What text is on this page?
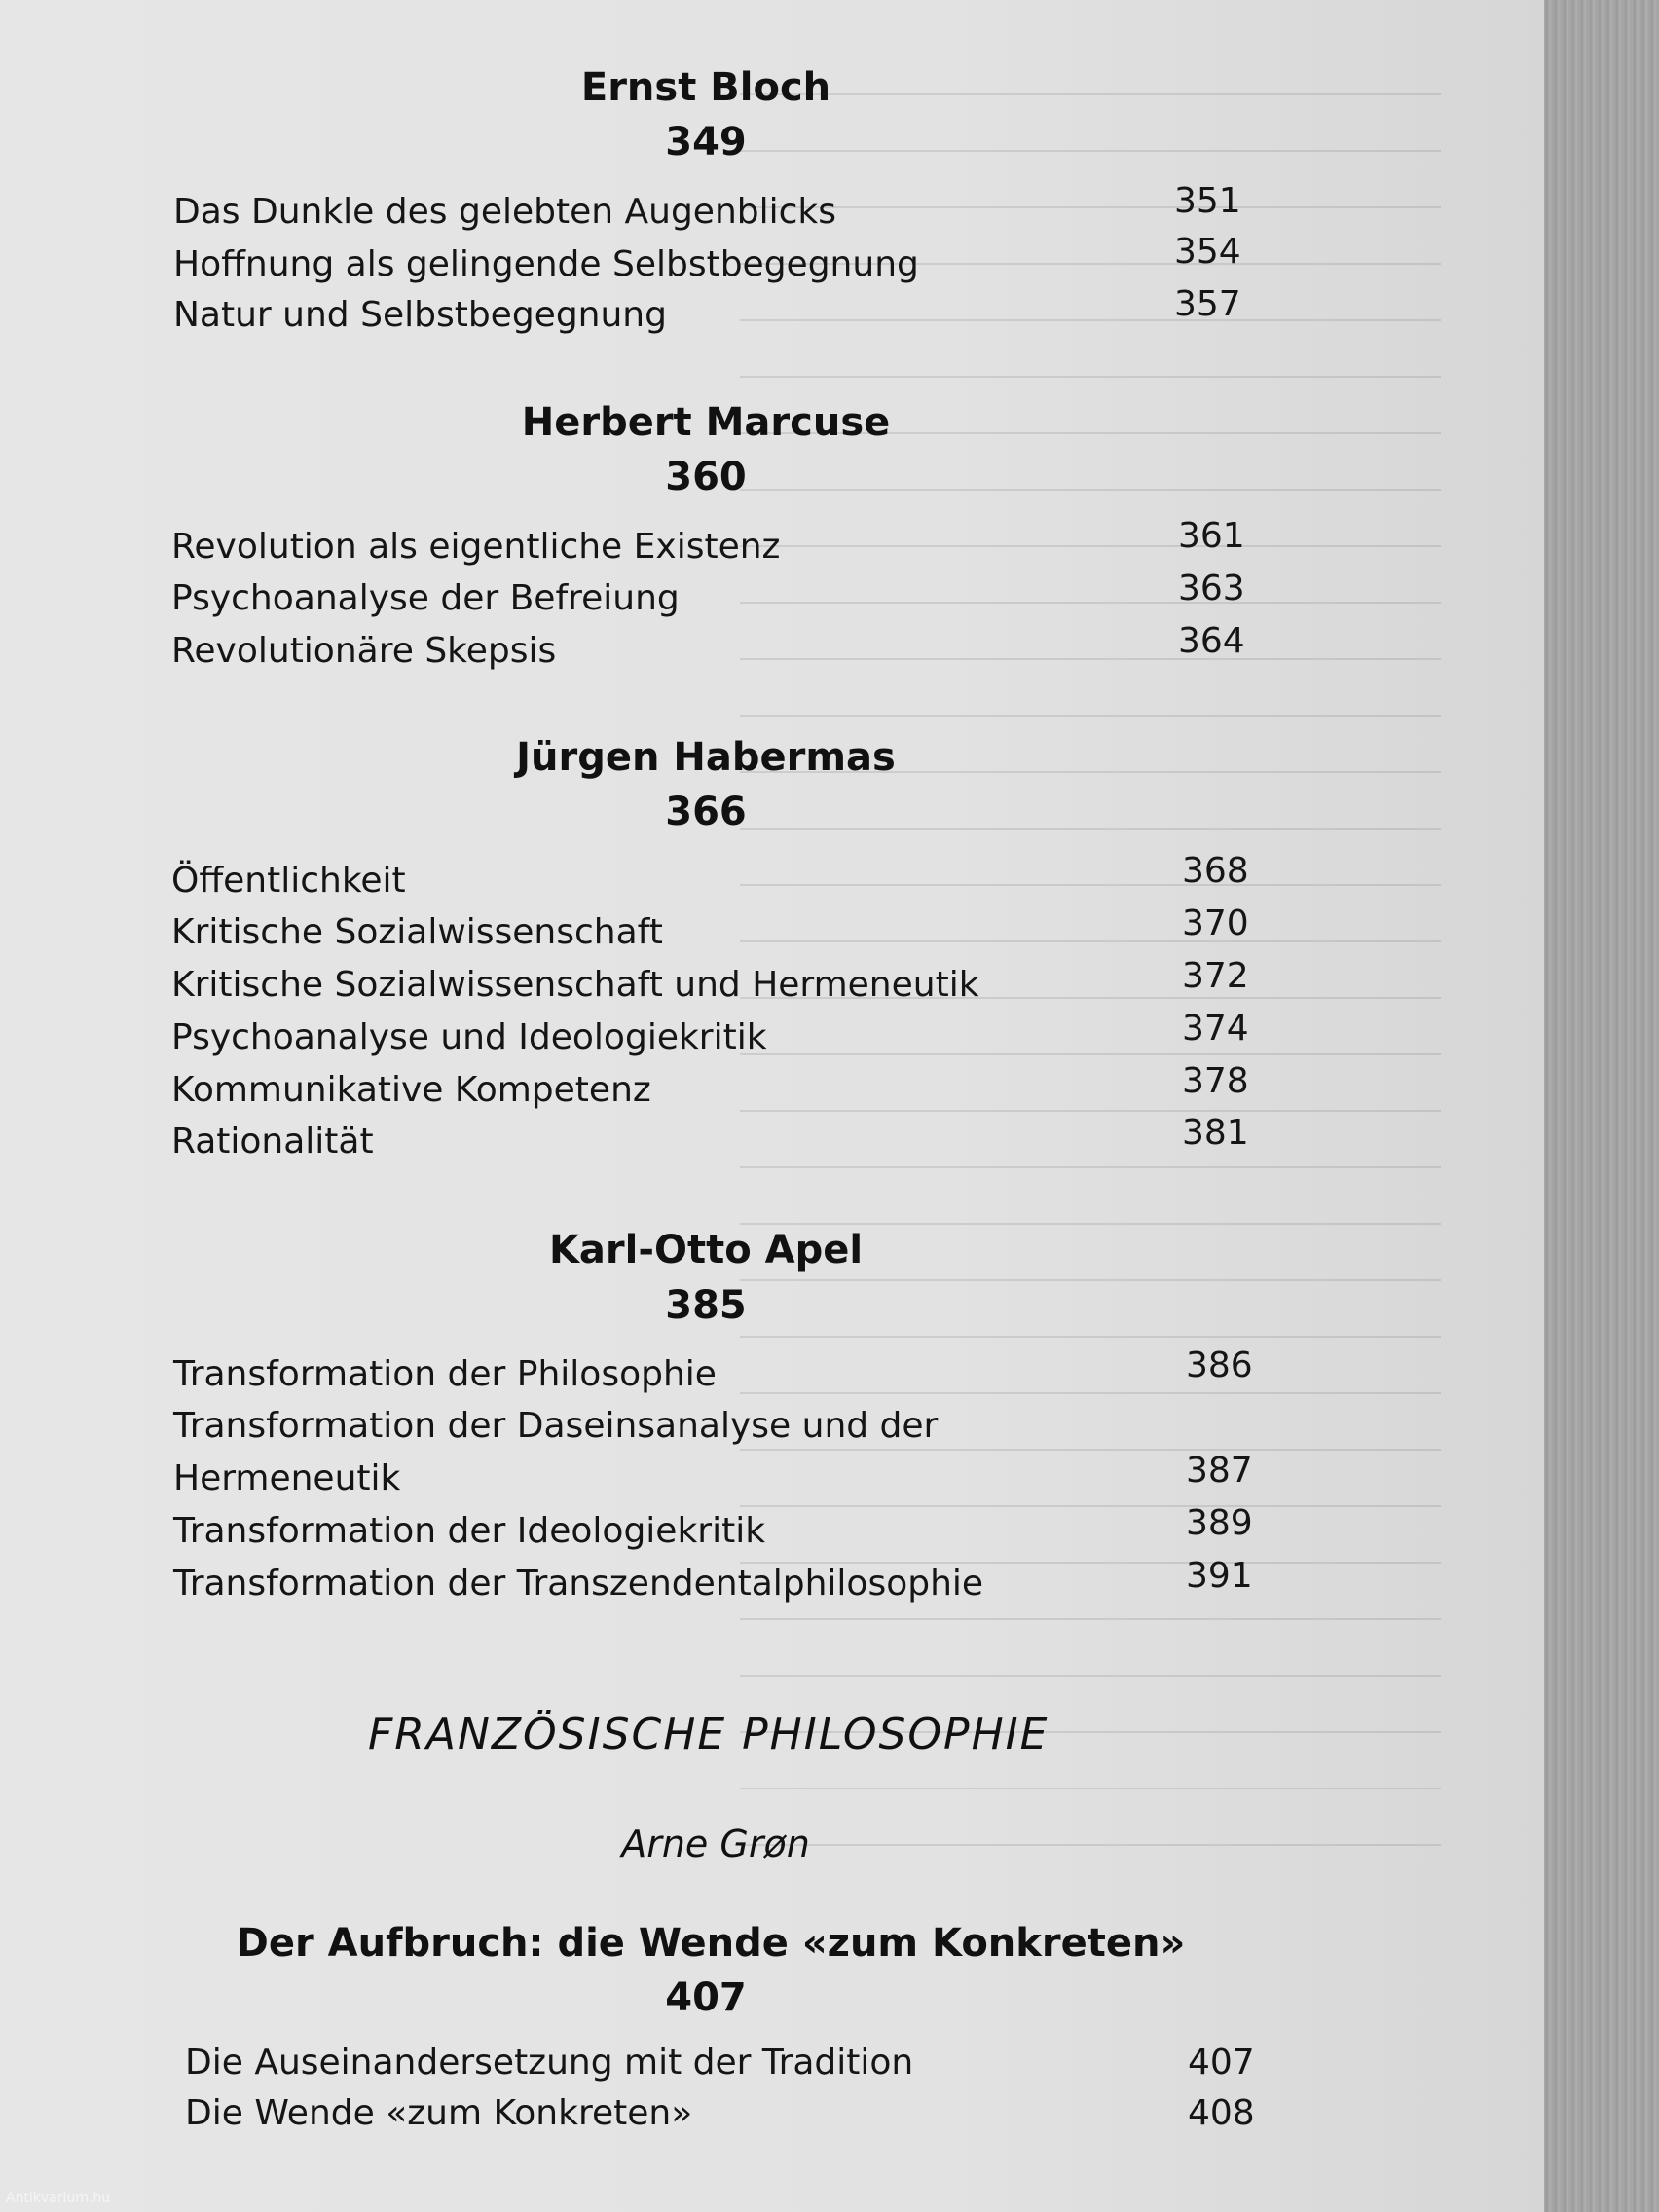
Ernst Bloch
349
Das Dunkle des gelebten Augenblicks	351
Hoffnung als gelingende Selbstbegegnung	354
Natur und Selbstbegegnung	357
Herbert Marcuse
360
Revolution als eigentliche Existenz	361
Psychoanalyse der Befreiung	363
Revolutionäre Skepsis	364
Jürgen Habermas
366
Öffentlichkeit	368
Kritische Sozialwissenschaft	370
Kritische Sozialwissenschaft und Hermeneutik	372
Psychoanalyse und Ideologiekritik	374
Kommunikative Kompetenz	378
Rationalität	381
Karl-Otto Apel
385
Transformation der Philosophie	386
Transformation der Daseinsanalyse und der
Hermeneutik	387
Transformation der Ideologiekritik	389
Transformation der Transzendentalphilosophie	391
FRANZÖSISCHE PHILOSOPHIE
Arne Grøn
Der Aufbruch: die Wende «zum Konkreten»
407
Die Auseinandersetzung mit der Tradition	407
Die Wende «zum Konkreten»	408
Antikvarium.hu
